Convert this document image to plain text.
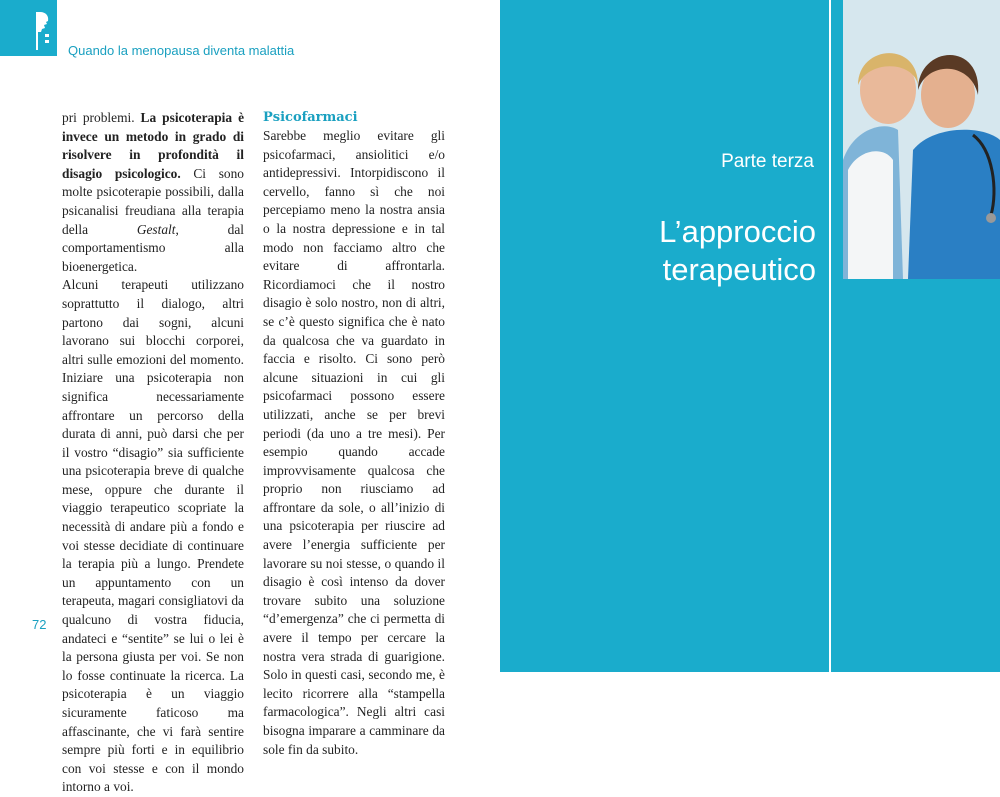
Quando la menopausa diventa malattia

pri problemi. La psicoterapia è invece un metodo in grado di risolvere in profondità il disagio psicologico. Ci sono molte psicoterapie possibili, dalla psicanalisi freudiana alla terapia della Gestalt, dal comportamentismo alla bioenergetica.

Alcuni terapeuti utilizzano soprattutto il dialogo, altri partono dai sogni, alcuni lavorano sui blocchi corporei, altri sulle emozioni del momento. Iniziare una psicoterapia non significa necessariamente affrontare un percorso della durata di anni, può darsi che per il vostro “disagio” sia sufficiente una psicoterapia breve di qualche mese, oppure che durante il viaggio terapeutico scopriate la necessità di andare più a fondo e voi stesse decidiate di continuare la terapia più a lungo. Prendete un appuntamento con un terapeuta, magari consigliatovi da qualcuno di vostra fiducia, andateci e “sentite” se lui o lei è la persona giusta per voi. Se non lo fosse continuate la ricerca. La psicoterapia è un viaggio sicuramente faticoso ma affascinante, che vi farà sentire sempre più forti e in equilibrio con voi stesse e con il mondo intorno a voi.

Psicofarmaci

Sarebbe meglio evitare gli psicofarmaci, ansiolitici e/o antidepressivi. Intorpidiscono il cervello, fanno sì che noi percepiamo meno la nostra ansia o la nostra depressione e in tal modo non facciamo altro che evitare di affrontarla. Ricordiamoci che il nostro disagio è solo nostro, non di altri, se c’è questo significa che è nato da qualcosa che va guardato in faccia e risolto. Ci sono però alcune situazioni in cui gli psicofarmaci possono essere utilizzati, anche se per brevi periodi (da uno a tre mesi). Per esempio quando accade improvvisamente qualcosa che proprio non riusciamo ad affrontare da sole, o all’inizio di una psicoterapia per riuscire ad avere l’energia sufficiente per lavorare su noi stesse, o quando il disagio è così intenso da dover trovare subito una soluzione “d’emergenza” che ci permetta di avere il tempo per cercare la nostra vera strada di guarigione. Solo in questi casi, secondo me, è lecito ricorrere alla “stampella farmacologica”. Negli altri casi bisogna imparare a camminare da sole fin da subito.

72
Parte terza
L’approccio
terapeutico
